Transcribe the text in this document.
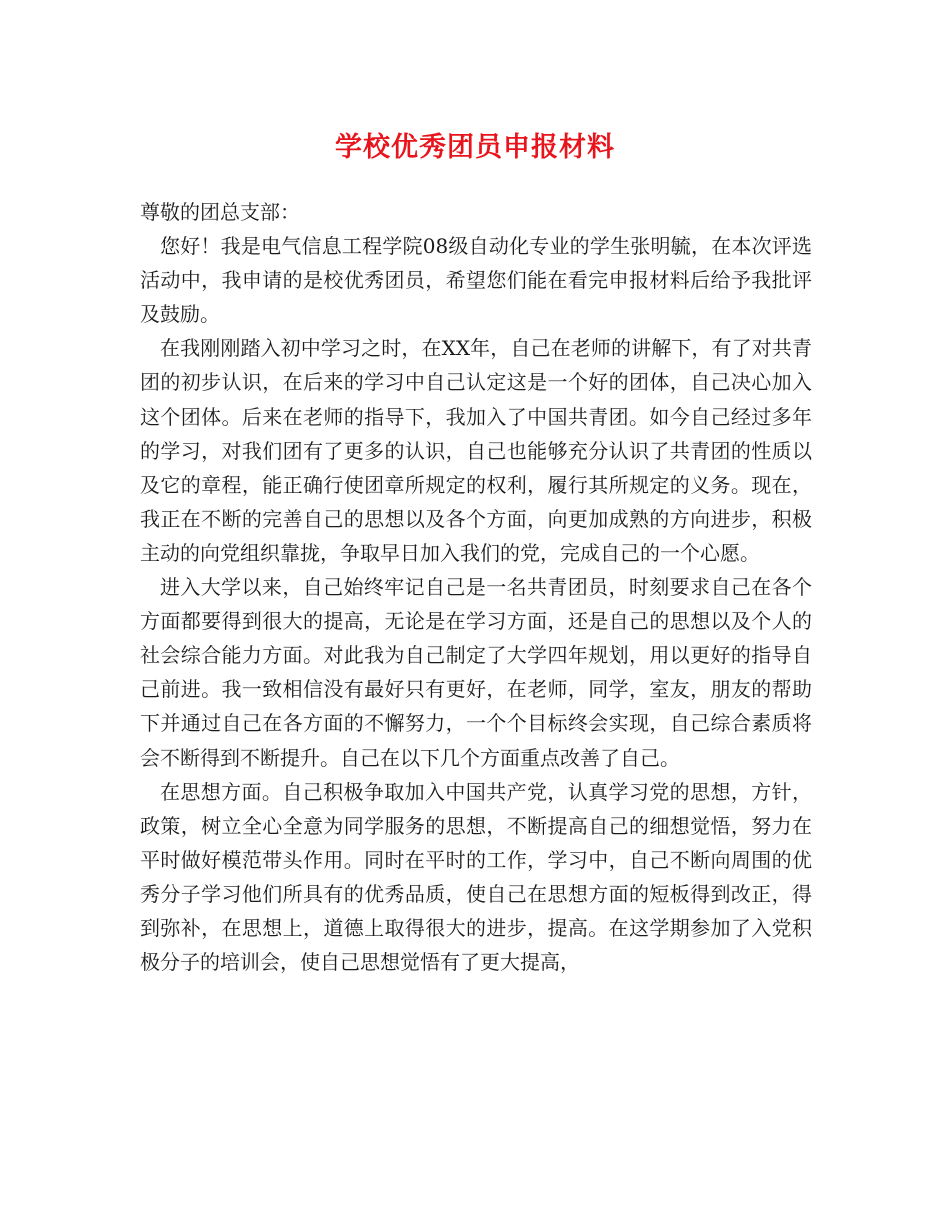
学校优秀团员申报材料

尊敬的团总支部：

您好！我是电气信息工程学院08级自动化专业的学生张明毓，在本次评选活动中，我申请的是校优秀团员，希望您们能在看完申报材料后给予我批评及鼓励。

在我刚刚踏入初中学习之时，在XX年，自己在老师的讲解下，有了对共青团的初步认识，在后来的学习中自己认定这是一个好的团体，自己决心加入这个团体。后来在老师的指导下，我加入了中国共青团。如今自己经过多年的学习，对我们团有了更多的认识，自己也能够充分认识了共青团的性质以及它的章程，能正确行使团章所规定的权利，履行其所规定的义务。现在，我正在不断的完善自己的思想以及各个方面，向更加成熟的方向进步，积极主动的向党组织靠拢，争取早日加入我们的党，完成自己的一个心愿。

进入大学以来，自己始终牢记自己是一名共青团员，时刻要求自己在各个方面都要得到很大的提高，无论是在学习方面，还是自己的思想以及个人的社会综合能力方面。对此我为自己制定了大学四年规划，用以更好的指导自己前进。我一致相信没有最好只有更好，在老师，同学，室友，朋友的帮助下并通过自己在各方面的不懈努力，一个个目标终会实现，自己综合素质将会不断得到不断提升。自己在以下几个方面重点改善了自己。

在思想方面。自己积极争取加入中国共产党，认真学习党的思想，方针，政策，树立全心全意为同学服务的思想，不断提高自己的细想觉悟，努力在平时做好模范带头作用。同时在平时的工作，学习中，自己不断向周围的优秀分子学习他们所具有的优秀品质，使自己在思想方面的短板得到改正，得到弥补，在思想上，道德上取得很大的进步，提高。在这学期参加了入党积极分子的培训会，使自己思想觉悟有了更大提高，
